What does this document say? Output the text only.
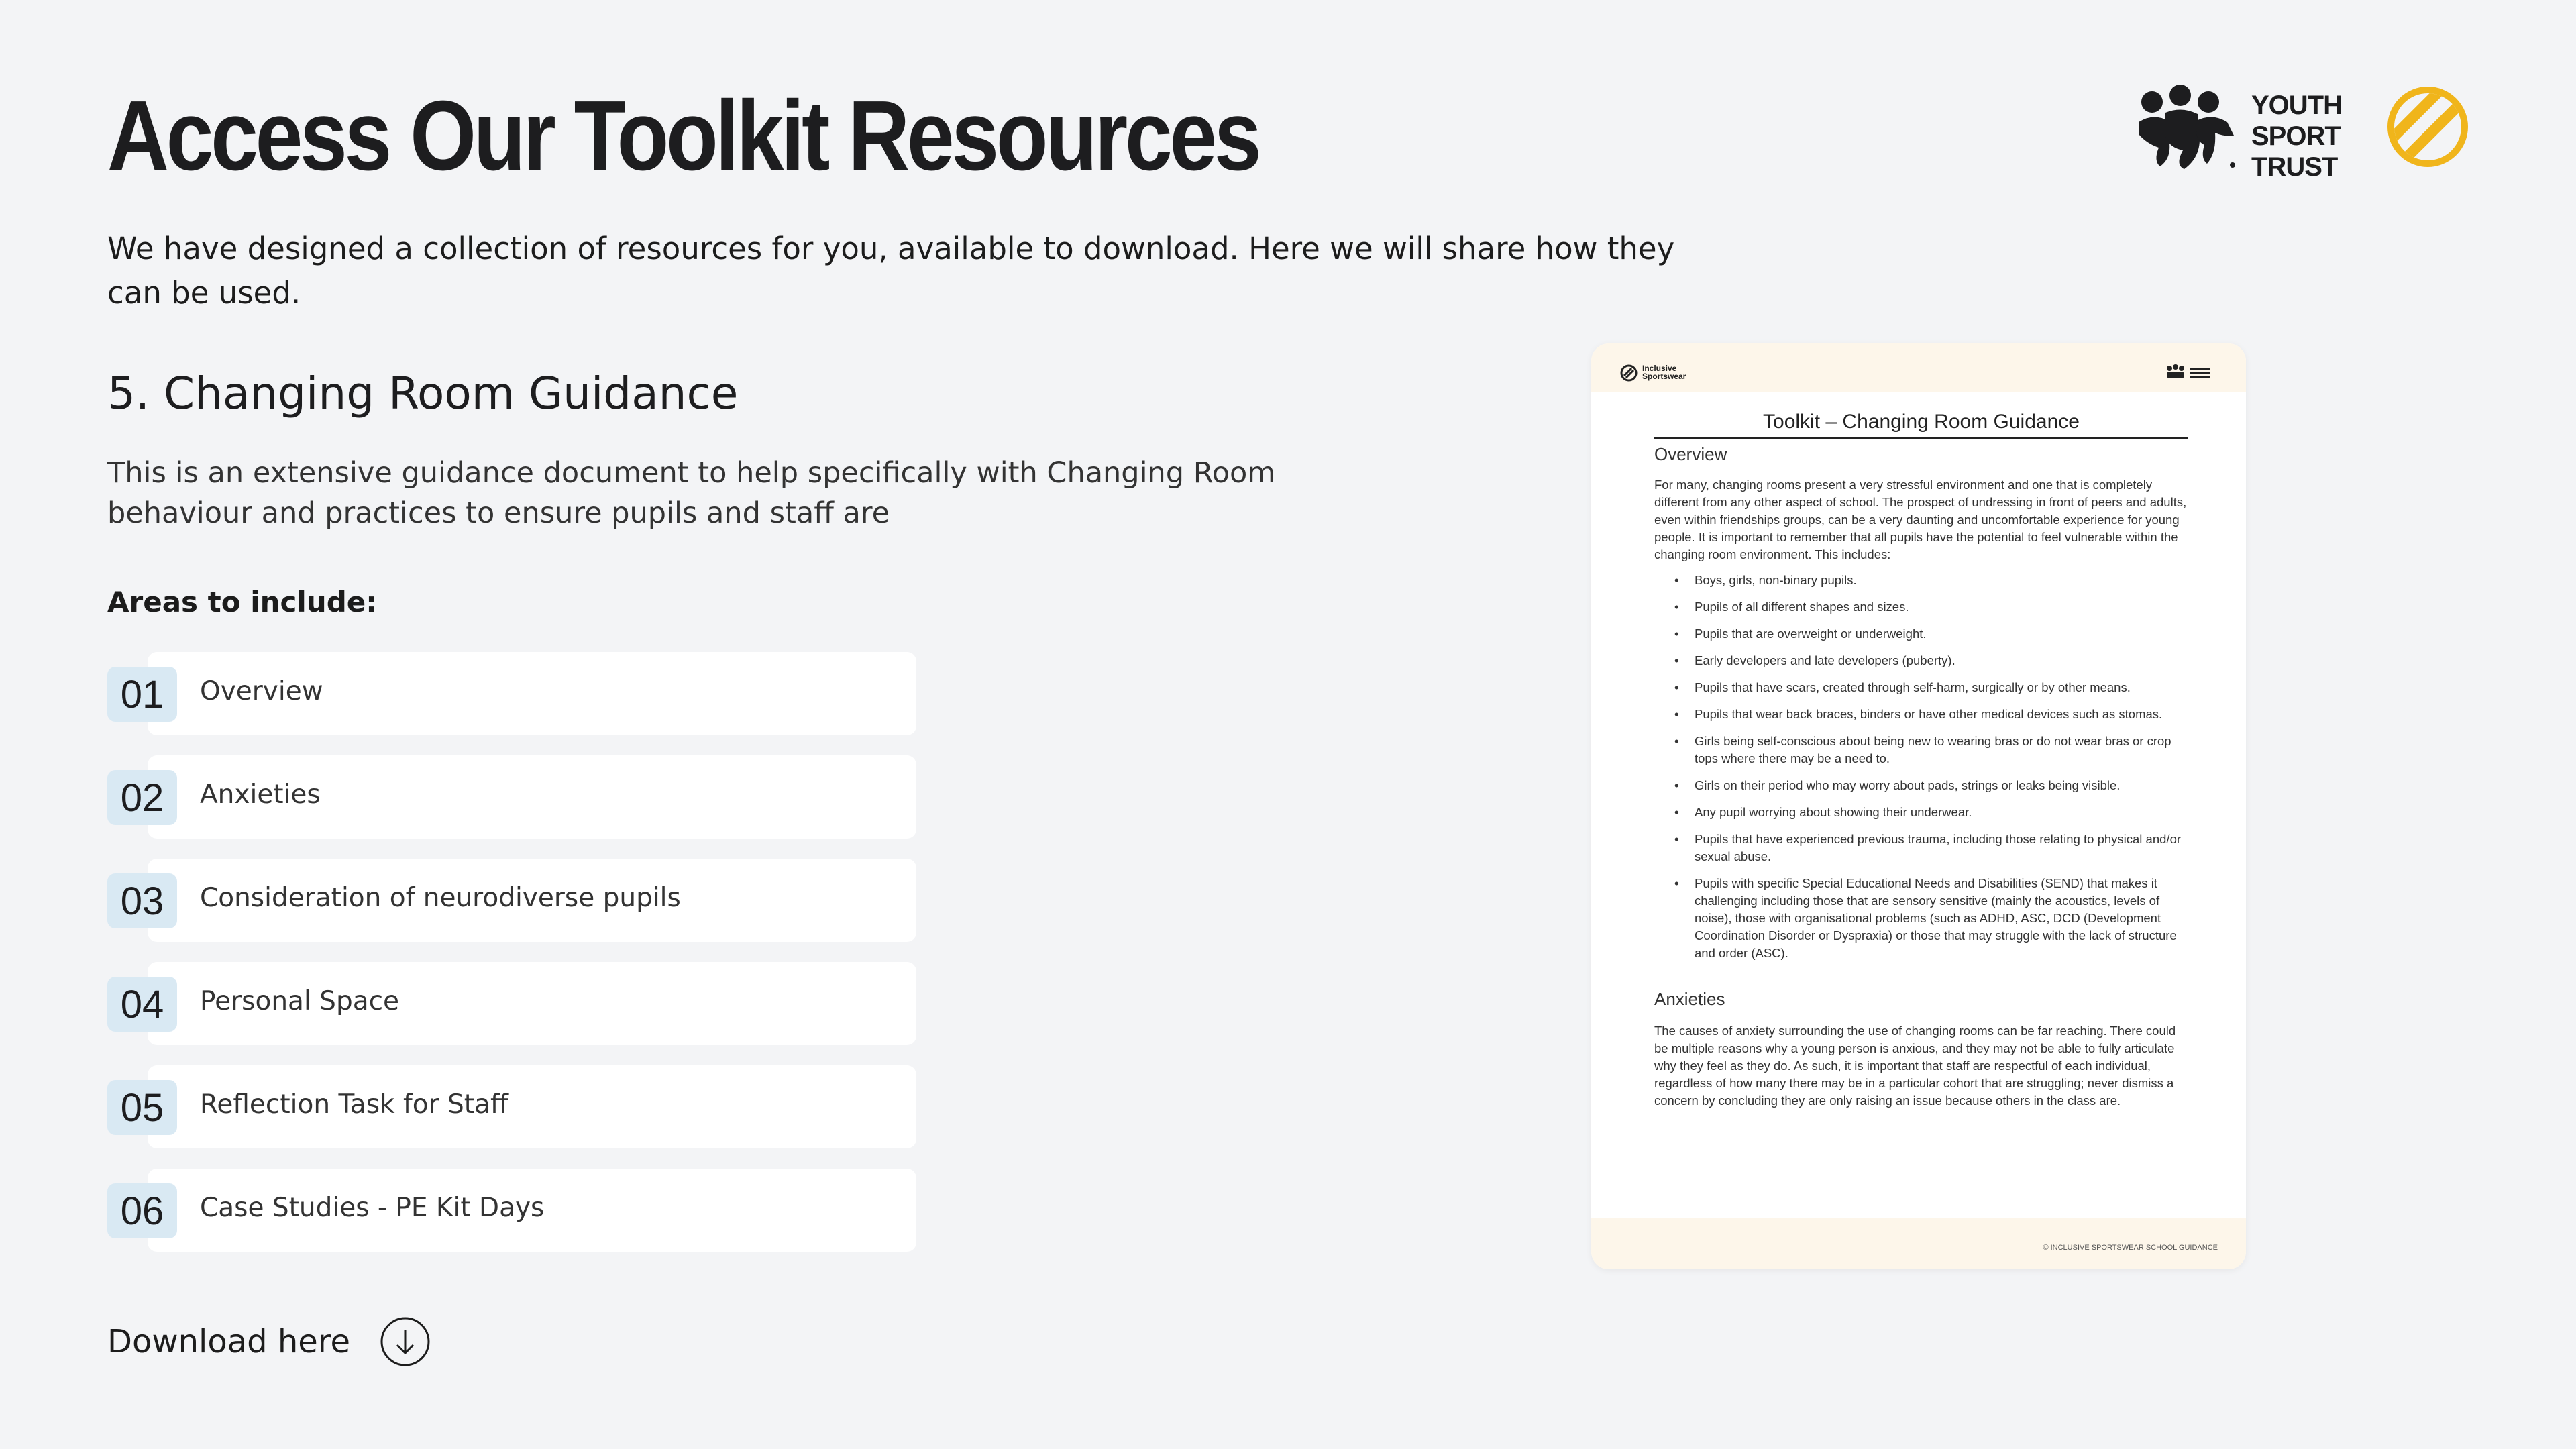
Access Our Toolkit Resources

We have designed a collection of resources for you, available to download. Here we will share how they can be used.

YOUTH
SPORT
TRUST
5. Changing Room Guidance

This is an extensive guidance document to help specifically with Changing Room behaviour and practices to ensure pupils and staff are

Areas to include:
01	Overview
02	Anxieties
03	Consideration of neurodiverse pupils
04	Personal Space
05	Reflection Task for Staff
06	Case Studies - PE Kit Days
Download here
Inclusive Sportswear
Toolkit – Changing Room Guidance
Overview

For many, changing rooms present a very stressful environment and one that is completely different from any other aspect of school. The prospect of undressing in front of peers and adults, even within friendships groups, can be a very daunting and uncomfortable experience for young people. It is important to remember that all pupils have the potential to feel vulnerable within the changing room environment. This includes:

• Boys, girls, non-binary pupils.
• Pupils of all different shapes and sizes.
• Pupils that are overweight or underweight.
• Early developers and late developers (puberty).
• Pupils that have scars, created through self-harm, surgically or by other means.
• Pupils that wear back braces, binders or have other medical devices such as stomas.
• Girls being self-conscious about being new to wearing bras or do not wear bras or crop tops where there may be a need to.
• Girls on their period who may worry about pads, strings or leaks being visible.
• Any pupil worrying about showing their underwear.
• Pupils that have experienced previous trauma, including those relating to physical and/or sexual abuse.
• Pupils with specific Special Educational Needs and Disabilities (SEND) that makes it challenging including those that are sensory sensitive (mainly the acoustics, levels of noise), those with organisational problems (such as ADHD, ASC, DCD (Development Coordination Disorder or Dyspraxia) or those that may struggle with the lack of structure and order (ASC).
Anxieties

The causes of anxiety surrounding the use of changing rooms can be far reaching. There could be multiple reasons why a young person is anxious, and they may not be able to fully articulate why they feel as they do. As such, it is important that staff are respectful of each individual, regardless of how many there may be in a particular cohort that are struggling; never dismiss a concern by concluding they are only raising an issue because others in the class are.

© INCLUSIVE SPORTSWEAR SCHOOL GUIDANCE
